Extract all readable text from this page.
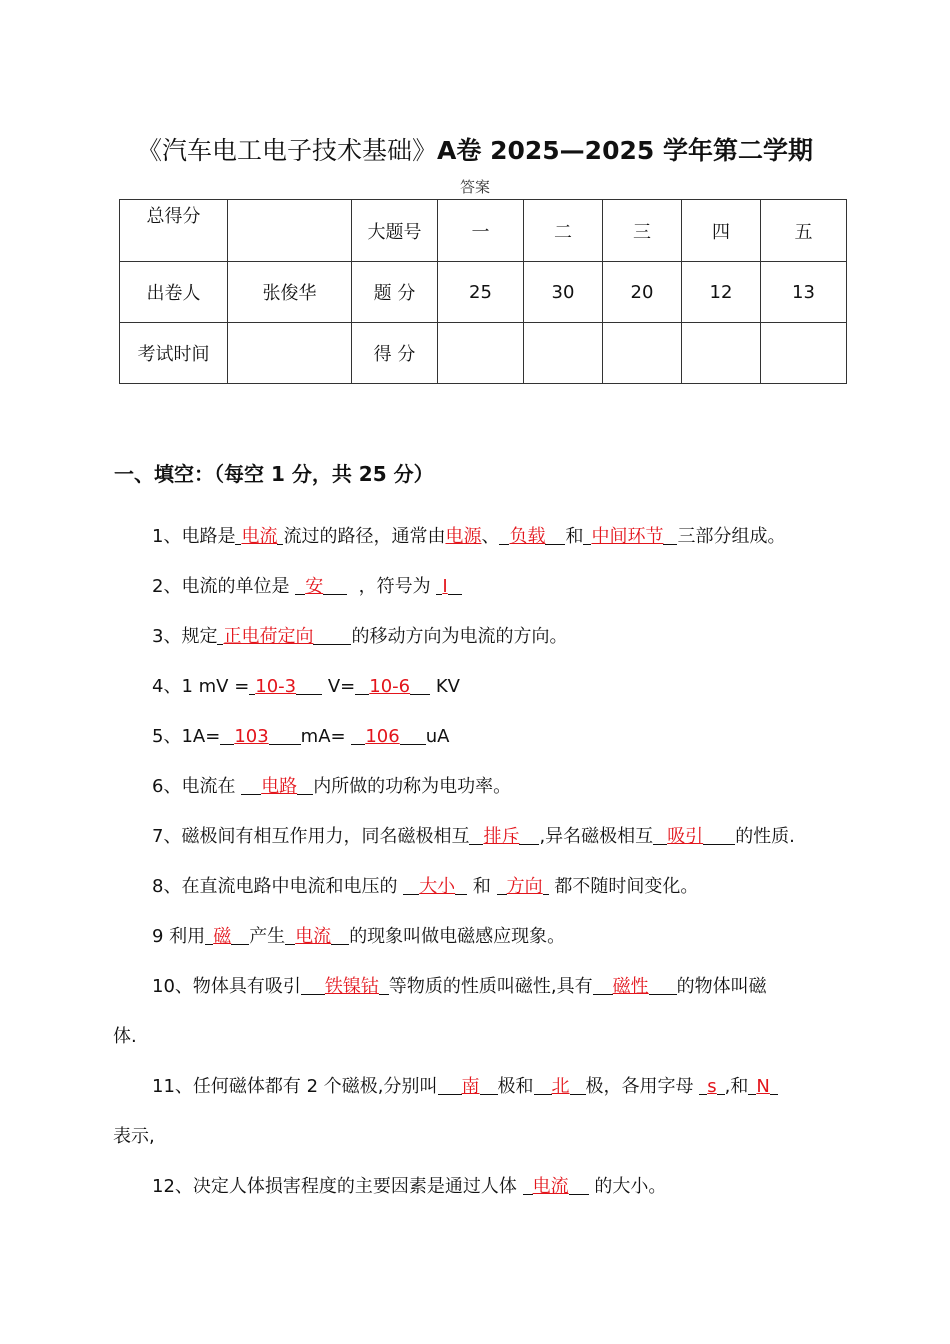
《汽车电工电子技术基础》A卷 2025—2025 学年第二学期
答案
总得分		大题号	一	二	三	四	五
出卷人	张俊华	题 分	25	30	20	12	13
考试时间		得 分					
一、填空：（每空 1 分，共 25 分）
1、电路是 电流 流过的路径，通常由电源、 负载 和 中间环节 三部分组成。
2、电流的单位是 安 ，符号为 I
3、规定 正电荷定向 的移动方向为电流的方向。
4、1 mV = 10-3 V= 10-6 KV
5、1A= 103 mA= 106 uA
6、电流在 电路 内所做的功称为电功率。
7、磁极间有相互作用力，同名磁极相互 排斥 ,异名磁极相互 吸引 的性质.
8、在直流电路中电流和电压的 大小 和 方向 都不随时间变化。
9 利用 磁 产生 电流 的现象叫做电磁感应现象。
10、物体具有吸引 铁镍钴 等物质的性质叫磁性,具有 磁性 的物体叫磁
体.
11、任何磁体都有 2 个磁极,分别叫 南 极和 北 极，各用字母 s ,和 N
表示,
12、决定人体损害程度的主要因素是通过人体 电流 的大小。
